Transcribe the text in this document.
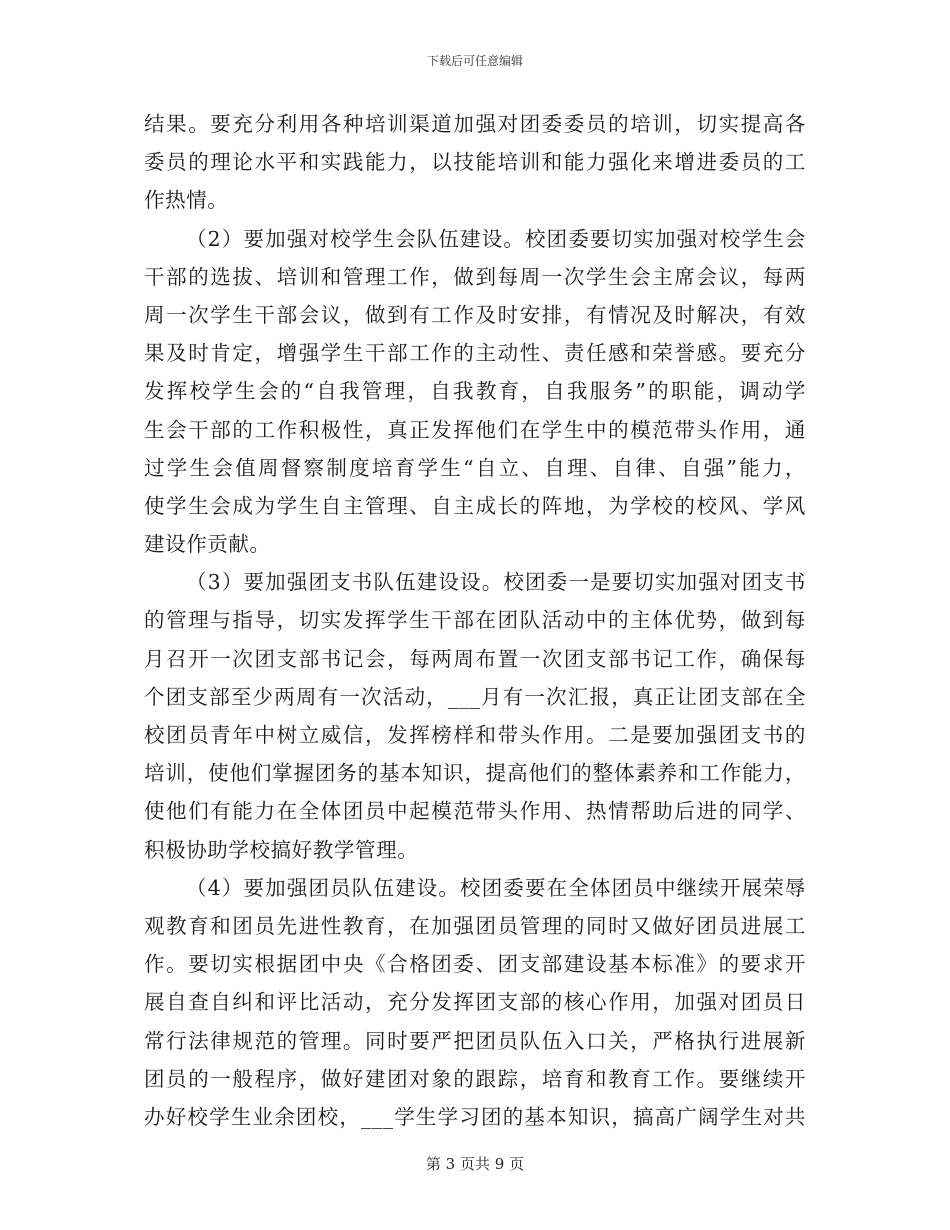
下载后可任意编辑
结果。要充分利用各种培训渠道加强对团委委员的培训，切实提高各
委员的理论水平和实践能力，以技能培训和能力强化来增进委员的工
作热情。
（2）要加强对校学生会队伍建设。校团委要切实加强对校学生会
干部的选拔、培训和管理工作，做到每周一次学生会主席会议，每两
周一次学生干部会议，做到有工作及时安排，有情况及时解决，有效
果及时肯定，增强学生干部工作的主动性、责任感和荣誉感。要充分
发挥校学生会的“自我管理，自我教育，自我服务”的职能，调动学
生会干部的工作积极性，真正发挥他们在学生中的模范带头作用，通
过学生会值周督察制度培育学生“自立、自理、自律、自强”能力，
使学生会成为学生自主管理、自主成长的阵地，为学校的校风、学风
建设作贡献。
（3）要加强团支书队伍建设设。校团委一是要切实加强对团支书
的管理与指导，切实发挥学生干部在团队活动中的主体优势，做到每
月召开一次团支部书记会，每两周布置一次团支部书记工作，确保每
个团支部至少两周有一次活动，___月有一次汇报，真正让团支部在全
校团员青年中树立威信，发挥榜样和带头作用。二是要加强团支书的
培训，使他们掌握团务的基本知识，提高他们的整体素养和工作能力，
使他们有能力在全体团员中起模范带头作用、热情帮助后进的同学、
积极协助学校搞好教学管理。
（4）要加强团员队伍建设。校团委要在全体团员中继续开展荣辱
观教育和团员先进性教育，在加强团员管理的同时又做好团员进展工
作。要切实根据团中央《合格团委、团支部建设基本标准》的要求开
展自查自纠和评比活动，充分发挥团支部的核心作用，加强对团员日
常行法律规范的管理。同时要严把团员队伍入口关，严格执行进展新
团员的一般程序，做好建团对象的跟踪，培育和教育工作。要继续开
办好校学生业余团校，___学生学习团的基本知识，搞高广阔学生对共
第 3 页共 9 页
